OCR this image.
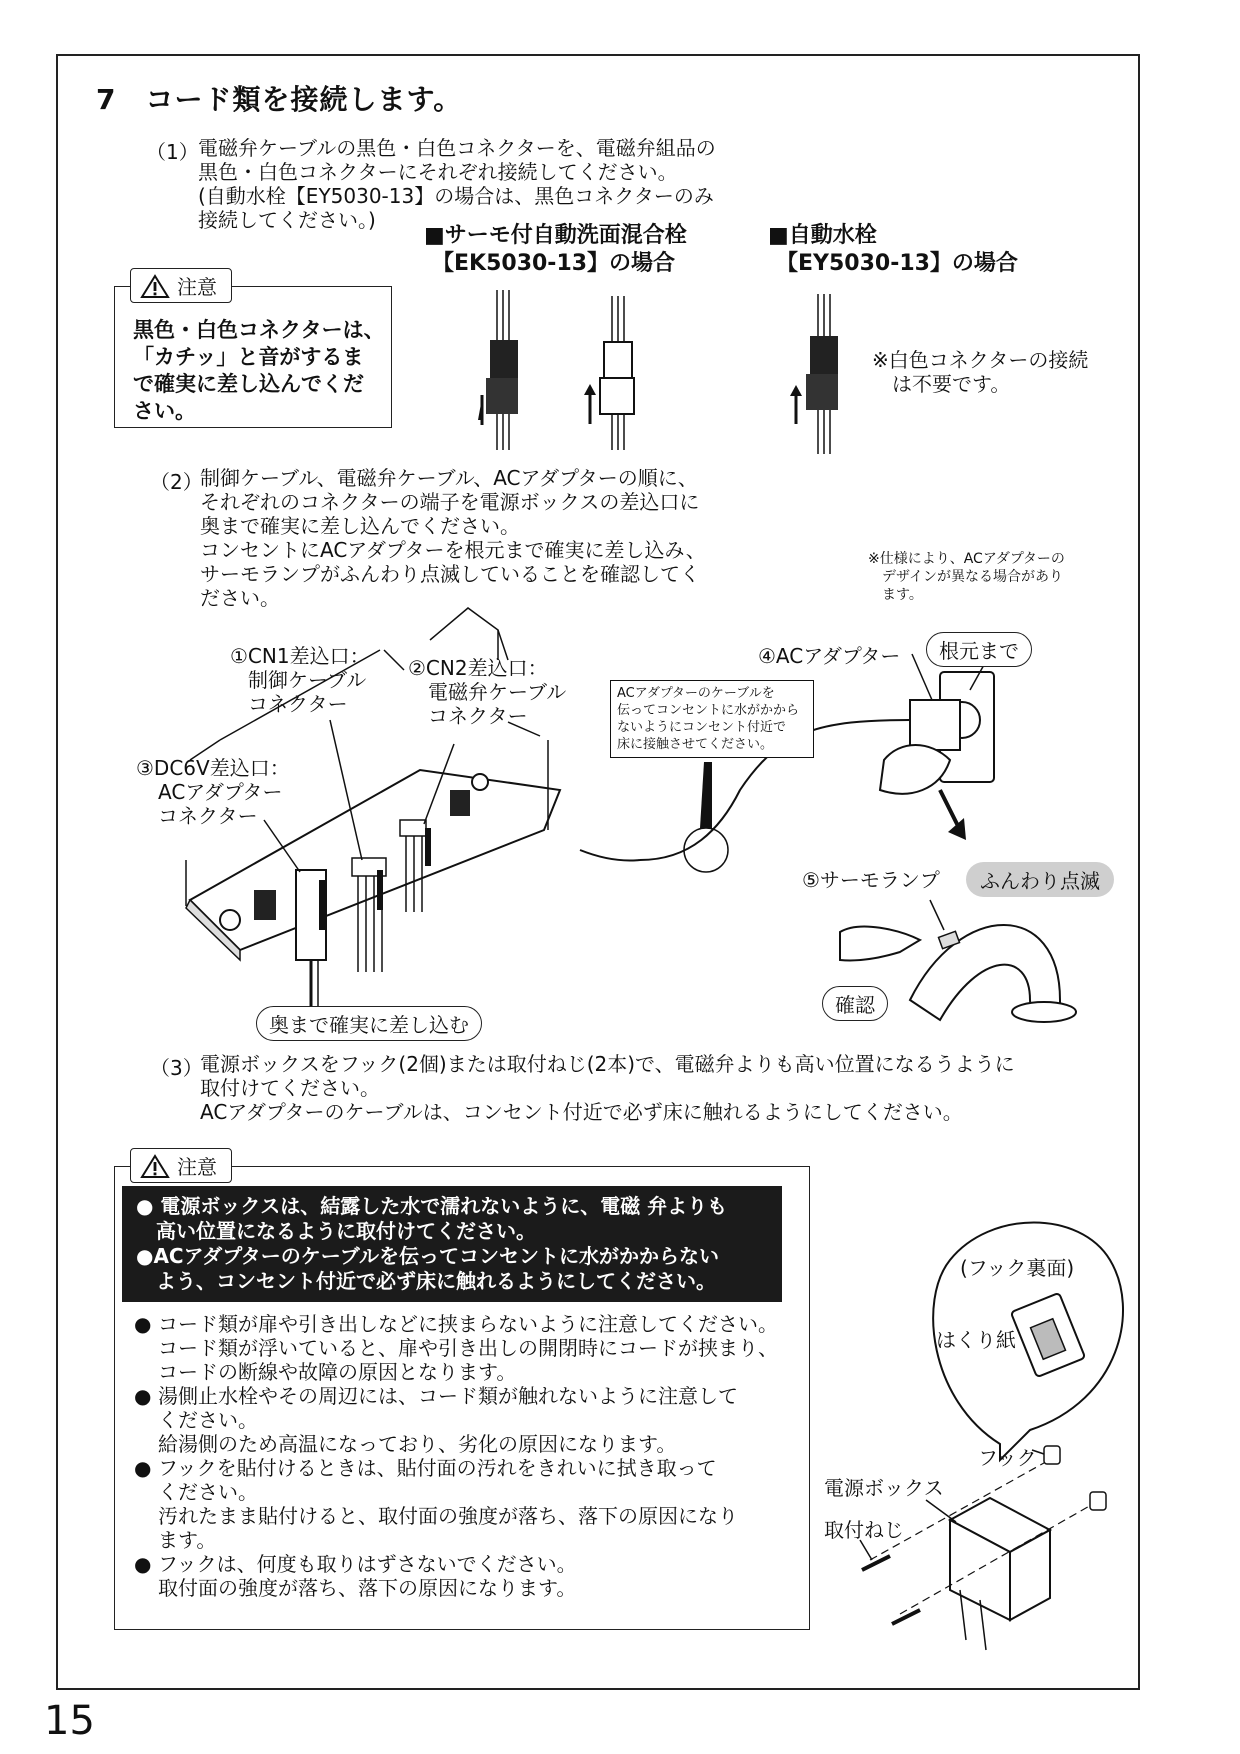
7　コード類を接続します。
（1） 電磁弁ケーブルの黒色・白色コネクターを、電磁弁組品の
黒色・白色コネクターにそれぞれ接続してください。
(自動水栓【EY5030-13】の場合は、黒色コネクターのみ
接続してください。)
黒色・白色コネクターは、
「カチッ」と音がするま
で確実に差し込んでくだ
さい。
注意
■サーモ付自動洗面混合栓
【EK5030-13】の場合
■自動水栓
【EY5030-13】の場合
※白色コネクターの接続
　は不要です。
（2）
制御ケーブル、電磁弁ケーブル、ACアダプターの順に、
それぞれのコネクターの端子を電源ボックスの差込口に
奥まで確実に差し込んでください。
コンセントにACアダプターを根元まで確実に差し込み、
サーモランプがふんわり点滅していることを確認してく
ださい。
※仕様により、ACアダプターの
　デザインが異なる場合があり
　ます。
①CN1差込口：
制御ケーブル
コネクター
②CN2差込口：
電磁弁ケーブル
コネクター
③DC6V差込口：
ACアダプター
コネクター
④ACアダプター	根元まで
ACアダプターのケーブルを
伝ってコンセントに水がかから
ないようにコンセント付近で
床に接触させてください。
⑤サーモランプ	ふんわり点滅
確認
奥まで確実に差し込む
（3）
電源ボックスをフック(2個)または取付ねじ(2本)で、電磁弁よりも高い位置になるうように
取付けてください。
ACアダプターのケーブルは、コンセント付近で必ず床に触れるようにしてください。
注意
● 電源ボックスは、結露した水で濡れないように、電磁 弁よりも
　高い位置になるように取付けてください。
●ACアダプターのケーブルを伝ってコンセントに水がかからない
　よう、コンセント付近で必ず床に触れるようにしてください。
● コード類が扉や引き出しなどに挟まらないように注意してください。
コード類が浮いていると、扉や引き出しの開閉時にコードが挟まり、
コードの断線や故障の原因となります。
● 湯側止水栓やその周辺には、コード類が触れないように注意して
ください。
給湯側のため高温になっており、劣化の原因になります。
● フックを貼付けるときは、貼付面の汚れをきれいに拭き取って
ください。
汚れたまま貼付けると、取付面の強度が落ち、落下の原因になり
ます。
● フックは、何度も取りはずさないでください。
取付面の強度が落ち、落下の原因になります。
(フック裏面)
はくり紙
フック
電源ボックス
取付ねじ
15
